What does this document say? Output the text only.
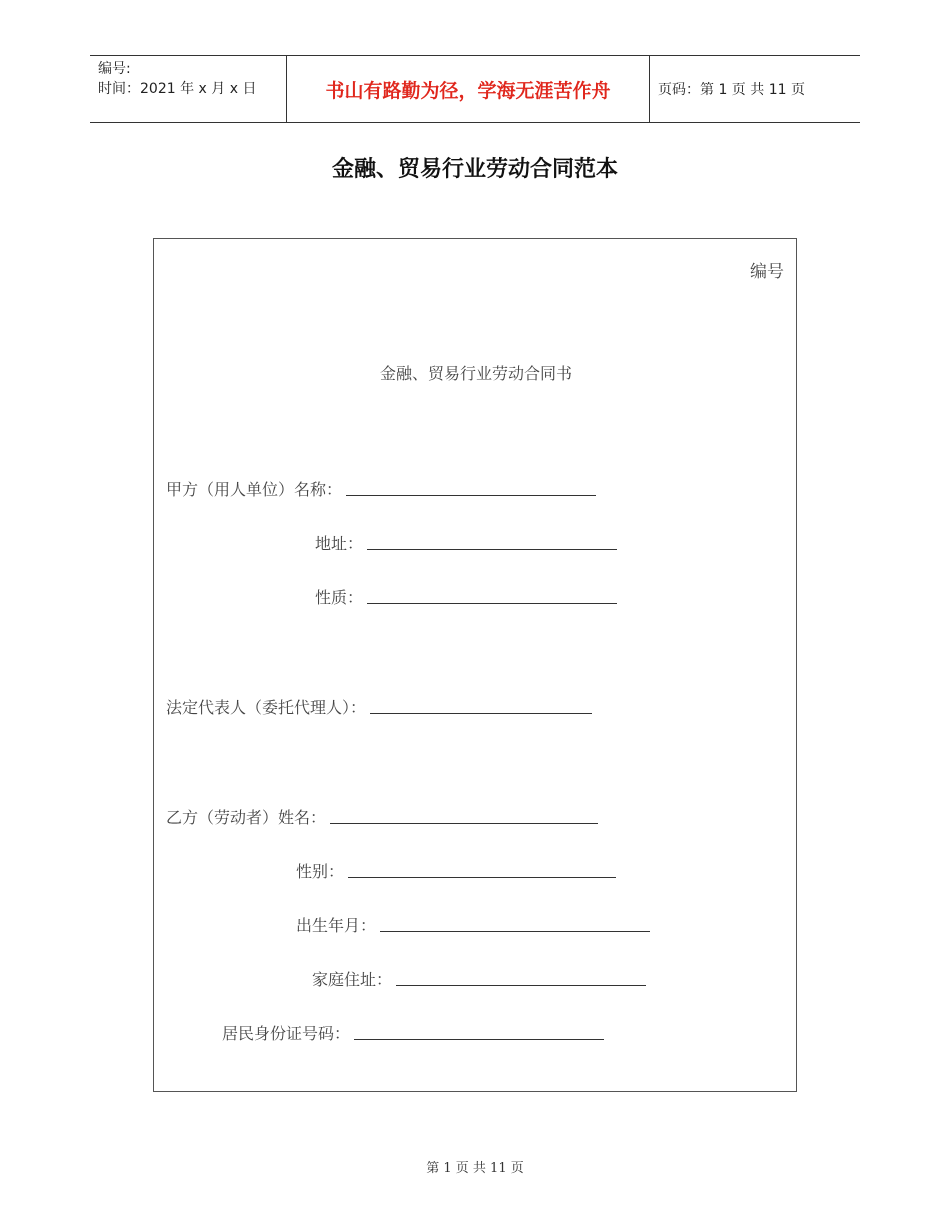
编号:
时间：2021 年 x 月 x 日	书山有路勤为径，学海无涯苦作舟	页码：第 1 页 共 11 页
金融、贸易行业劳动合同范本
编号
金融、贸易行业劳动合同书
甲方（用人单位）名称：
地址：
性质：
法定代表人（委托代理人）：
乙方（劳动者）姓名：
性别：
出生年月：
家庭住址：
居民身份证号码：
第 1 页 共 11 页
